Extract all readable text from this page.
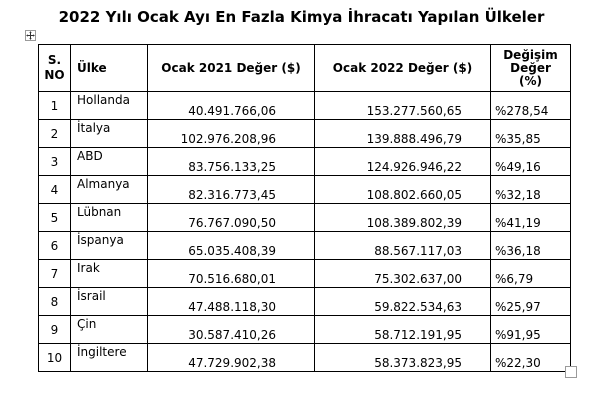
2022 Yılı Ocak Ayı En Fazla Kimya İhracatı Yapılan Ülkeler
S.
NO	Ülke	Ocak 2021 Değer ($)	Ocak 2022 Değer ($)	Değişim
Değer
(%)
1	Hollanda	40.491.766,06	153.277.560,65	%278,54
2	İtalya	102.976.208,96	139.888.496,79	%35,85
3	ABD	83.756.133,25	124.926.946,22	%49,16
4	Almanya	82.316.773,45	108.802.660,05	%32,18
5	Lübnan	76.767.090,50	108.389.802,39	%41,19
6	İspanya	65.035.408,39	88.567.117,03	%36,18
7	Irak	70.516.680,01	75.302.637,00	%6,79
8	İsrail	47.488.118,30	59.822.534,63	%25,97
9	Çin	30.587.410,26	58.712.191,95	%91,95
10	İngiltere	47.729.902,38	58.373.823,95	%22,30
